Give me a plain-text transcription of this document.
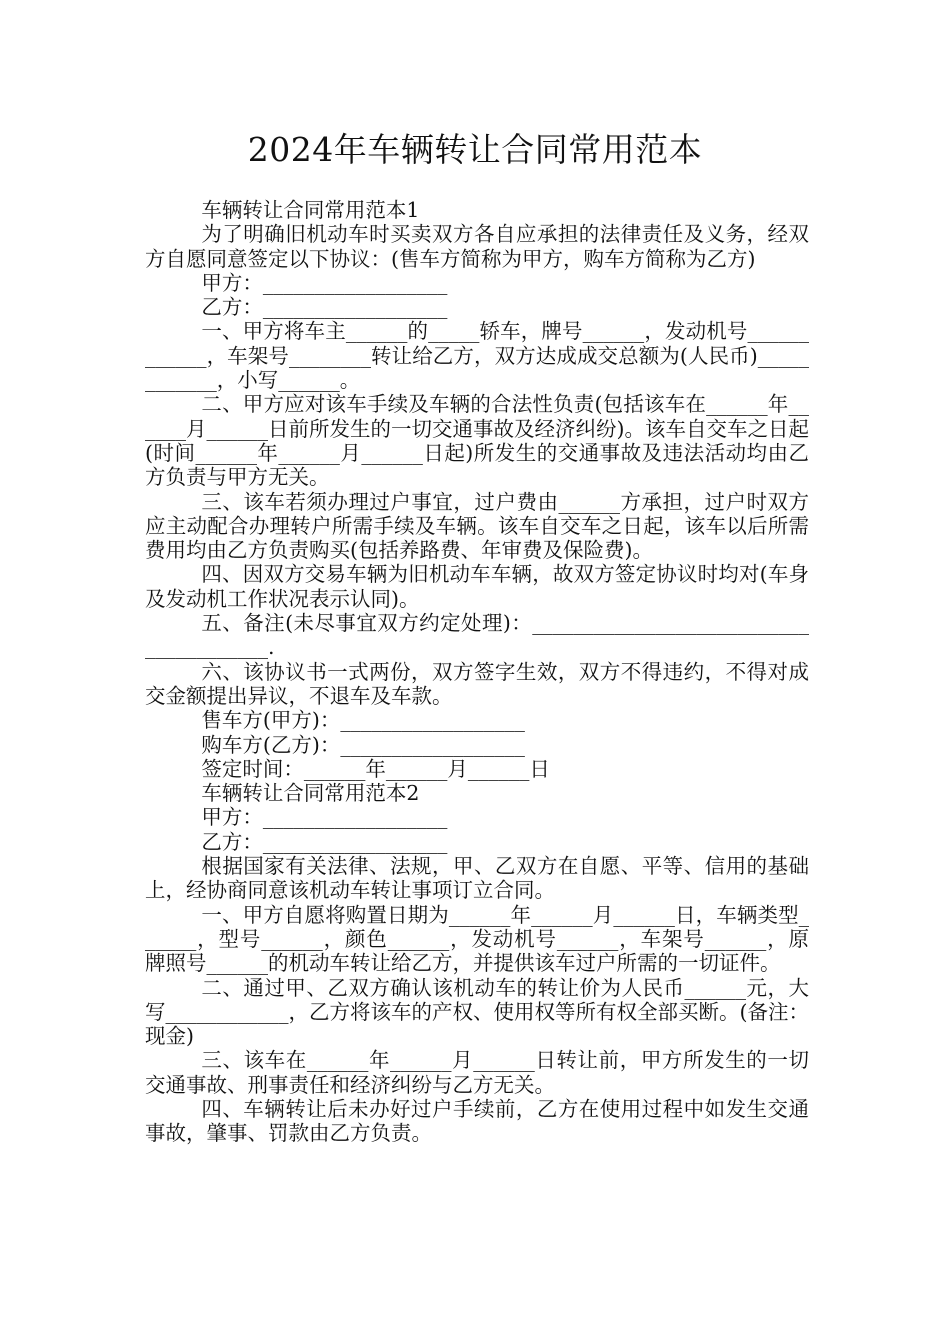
2024年车辆转让合同常用范本

车辆转让合同常用范本1

为了明确旧机动车时买卖双方各自应承担的法律责任及义务，经双方自愿同意签定以下协议：(售车方简称为甲方，购车方简称为乙方)

甲方：__________________

乙方：__________________

一、甲方将车主______的_____轿车，牌号______，发动机号____________，车架号________转让给乙方，双方达成成交总额为(人民币)____________，小写______。

二、甲方应对该车手续及车辆的合法性负责(包括该车在______年______月______日前所发生的一切交通事故及经济纠纷)。该车自交车之日起(时间______年______月______日起)所发生的交通事故及违法活动均由乙方负责与甲方无关。

三、该车若须办理过户事宜，过户费由______方承担，过户时双方应主动配合办理转户所需手续及车辆。该车自交车之日起，该车以后所需费用均由乙方负责购买(包括养路费、年审费及保险费)。

四、因双方交易车辆为旧机动车车辆，故双方签定协议时均对(车身及发动机工作状况表示认同)。

五、备注(未尽事宜双方约定处理)：_______________________________________.

六、该协议书一式两份，双方签字生效，双方不得违约，不得对成交金额提出异议，不退车及车款。

售车方(甲方)：__________________

购车方(乙方)：__________________

签定时间：______年______月______日

车辆转让合同常用范本2

甲方：__________________

乙方：__________________

根据国家有关法律、法规，甲、乙双方在自愿、平等、信用的基础上，经协商同意该机动车转让事项订立合同。

一、甲方自愿将购置日期为______年______月______日，车辆类型______，型号______，颜色______，发动机号______，车架号______，原牌照号______的机动车转让给乙方，并提供该车过户所需的一切证件。

二、通过甲、乙双方确认该机动车的转让价为人民币______元，大写____________，乙方将该车的产权、使用权等所有权全部买断。(备注：现金)

三、该车在______年______月______日转让前，甲方所发生的一切交通事故、刑事责任和经济纠纷与乙方无关。

四、车辆转让后未办好过户手续前，乙方在使用过程中如发生交通事故，肇事、罚款由乙方负责。
